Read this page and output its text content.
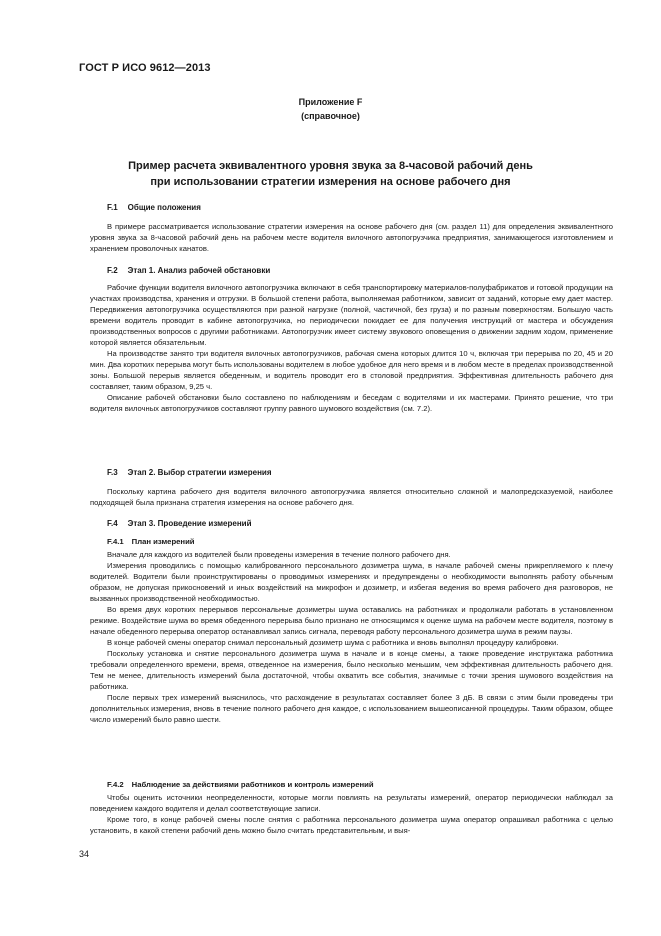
ГОСТ Р ИСО 9612—2013
Приложение F
(справочное)
Пример расчета эквивалентного уровня звука за 8-часовой рабочий день
при использовании стратегии измерения на основе рабочего дня
F.1 Общие положения

В примере рассматривается использование стратегии измерения на основе рабочего дня (см. раздел 11) для определения эквивалентного уровня звука за 8-часовой рабочий день на рабочем месте водителя вилочного автопогрузчика предприятия, занимающегося изготовлением и хранением проволочных канатов.

F.2 Этап 1. Анализ рабочей обстановки

Рабочие функции водителя вилочного автопогрузчика включают в себя транспортировку материалов-полуфабрикатов и готовой продукции на участках производства, хранения и отгрузки. В большой степени работа, выполняемая работником, зависит от заданий, которые ему дает мастер. Передвижения автопогрузчика осуществляются при разной нагрузке (полной, частичной, без груза) и по разным поверхностям. Большую часть времени водитель проводит в кабине автопогрузчика, но периодически покидает ее для получения инструкций от мастера и обсуждения производственных вопросов с другими работниками. Автопогрузчик имеет систему звукового оповещения о движении задним ходом, применение которой является обязательным.

На производстве занято три водителя вилочных автопогрузчиков, рабочая смена которых длится 10 ч, включая три перерыва по 20, 45 и 20 мин. Два коротких перерыва могут быть использованы водителем в любое удобное для него время и в любом месте в пределах производственной зоны. Большой перерыв является обеденным, и водитель проводит его в столовой предприятия. Эффективная длительность рабочего дня составляет, таким образом, 9,25 ч.

Описание рабочей обстановки было составлено по наблюдениям и беседам с водителями и их мастерами. Принято решение, что три водителя вилочных автопогрузчиков составляют группу равного шумового воздействия (см. 7.2).

F.3 Этап 2. Выбор стратегии измерения

Поскольку картина рабочего дня водителя вилочного автопогрузчика является относительно сложной и малопредсказуемой, наиболее подходящей была признана стратегия измерения на основе рабочего дня.

F.4 Этап 3. Проведение измерений
F.4.1 План измерений

Вначале для каждого из водителей были проведены измерения в течение полного рабочего дня.

Измерения проводились с помощью калиброванного персонального дозиметра шума, в начале рабочей смены прикрепляемого к плечу водителей. Водители были проинструктированы о проводимых измерениях и предупреждены о необходимости выполнять работу обычным образом, не допуская прикосновений и иных воздействий на микрофон и дозиметр, и избегая ведения во время рабочего дня разговоров, не вызванных производственной необходимостью.

Во время двух коротких перерывов персональные дозиметры шума оставались на работниках и продолжали работать в установленном режиме. Воздействие шума во время обеденного перерыва было признано не относящимся к оценке шума на рабочем месте водителя, поэтому в начале обеденного перерыва оператор останавливал запись сигнала, переводя работу персонального дозиметра шума в режим паузы.

В конце рабочей смены оператор снимал персональный дозиметр шума с работника и вновь выполнял процедуру калибровки.

Поскольку установка и снятие персонального дозиметра шума в начале и в конце смены, а также проведение инструктажа работника требовали определенного времени, время, отведенное на измерения, было несколько меньшим, чем эффективная длительность рабочего дня. Тем не менее, длительность измерений была достаточной, чтобы охватить все события, значимые с точки зрения шумового воздействия на работника.

После первых трех измерений выяснилось, что расхождение в результатах составляет более 3 дБ. В связи с этим были проведены три дополнительных измерения, вновь в течение полного рабочего дня каждое, с использованием вышеописанной процедуры. Таким образом, общее число измерений было равно шести.

F.4.2 Наблюдение за действиями работников и контроль измерений

Чтобы оценить источники неопределенности, которые могли повлиять на результаты измерений, оператор периодически наблюдал за поведением каждого водителя и делал соответствующие записи.

Кроме того, в конце рабочей смены после снятия с работника персонального дозиметра шума оператор опрашивал работника с целью установить, в какой степени рабочий день можно было считать представительным, и выя-

34
